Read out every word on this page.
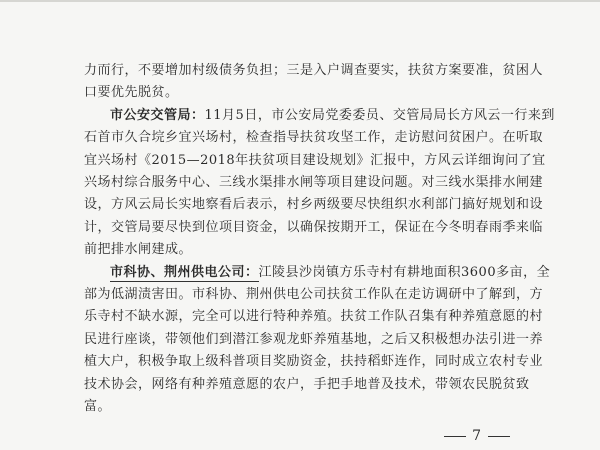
力而行，不要增加村级债务负担；三是入户调查要实，扶贫方案要准，贫困人口要优先脱贫。

市公安交管局：11月5日，市公安局党委委员、交管局局长方风云一行来到石首市久合垸乡宜兴场村，检查指导扶贫攻坚工作，走访慰问贫困户。在听取宜兴场村《2015—2018年扶贫项目建设规划》汇报中，方风云详细询问了宜兴场村综合服务中心、三线水渠排水闸等项目建设问题。对三线水渠排水闸建设，方风云局长实地察看后表示，村乡两级要尽快组织水利部门搞好规划和设计，交管局要尽快到位项目资金，以确保按期开工，保证在今冬明春雨季来临前把排水闸建成。

市科协、荆州供电公司：江陵县沙岗镇方乐寺村有耕地面积3600多亩，全部为低湖渍害田。市科协、荆州供电公司扶贫工作队在走访调研中了解到，方乐寺村不缺水源，完全可以进行特种养殖。扶贫工作队召集有种养殖意愿的村民进行座谈，带领他们到潜江参观龙虾养殖基地，之后又积极想办法引进一养植大户，积极争取上级科普项目奖励资金，扶持稻虾连作，同时成立农村专业技术协会，网络有种养殖意愿的农户，手把手地普及技术，带领农民脱贫致富。

7
